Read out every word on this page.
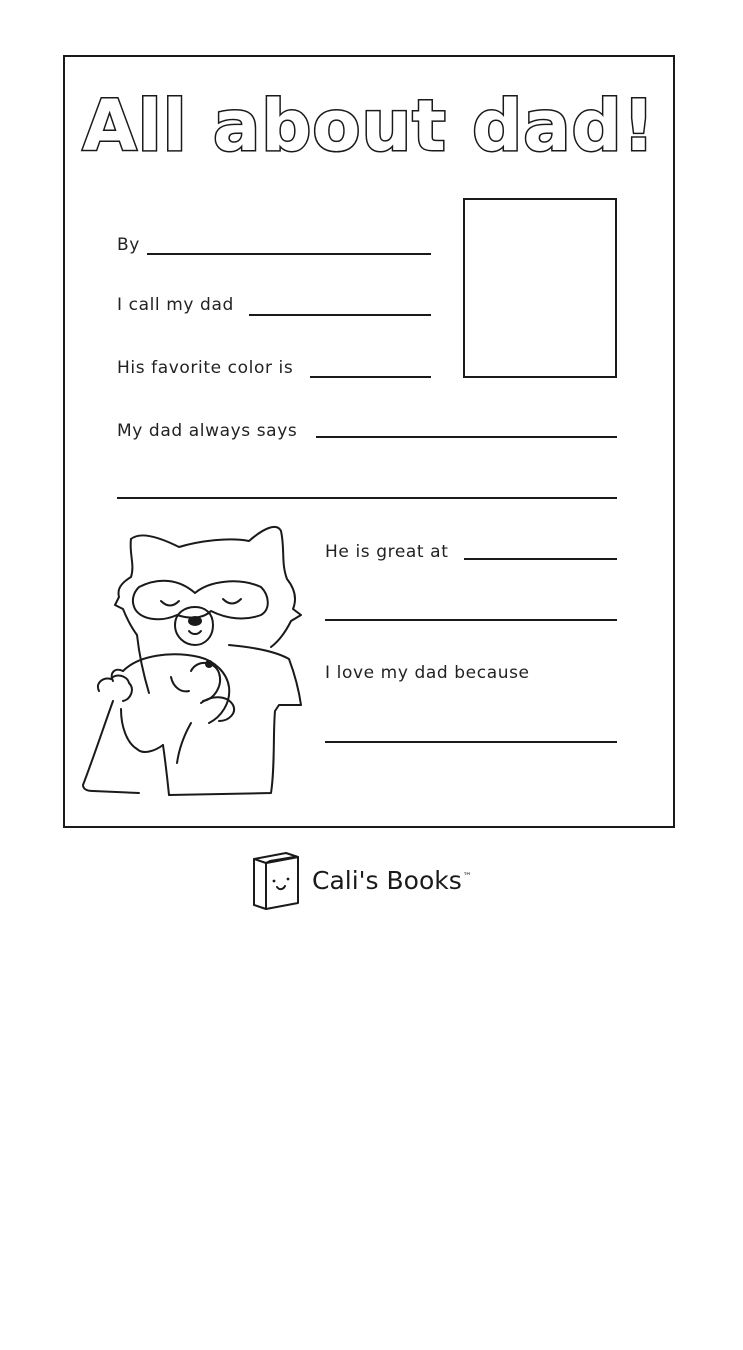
All about dad!
By
I call my dad
His favorite color is
My dad always says
He is great at
I love my dad because
Cali's Books™
